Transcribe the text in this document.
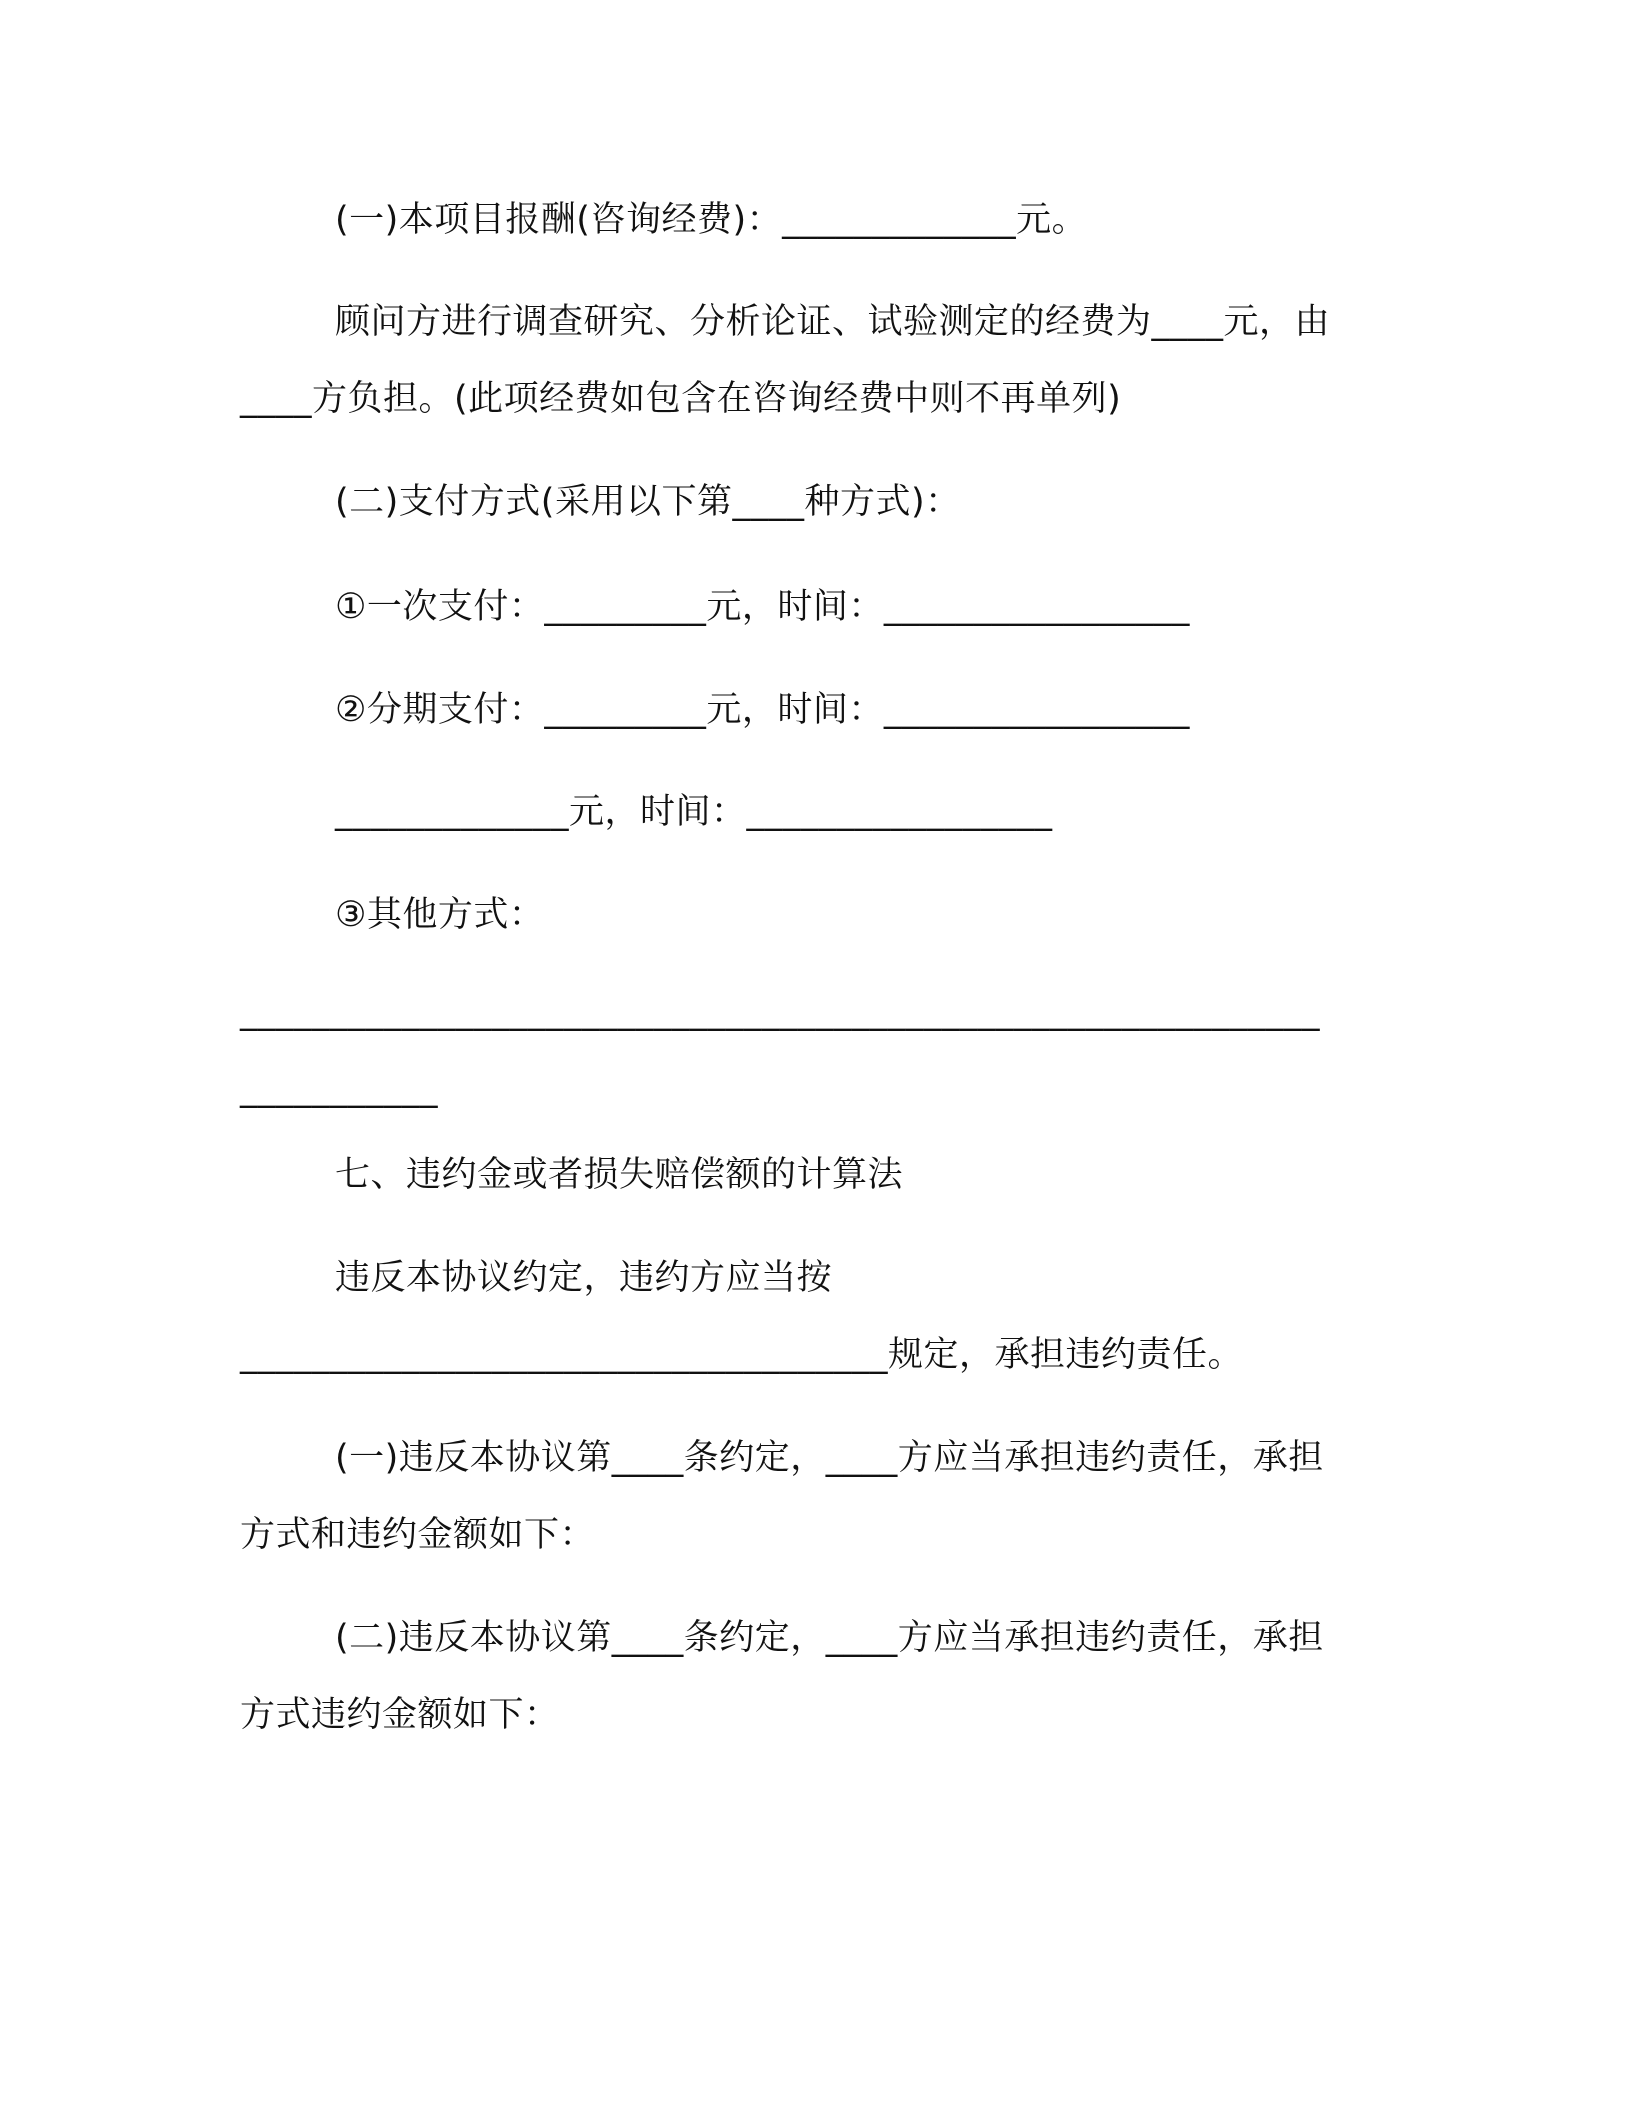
(一)本项目报酬(咨询经费)：_____________元。
顾问方进行调查研究、分析论证、试验测定的经费为____元，由
____方负担。(此项经费如包含在咨询经费中则不再单列)
(二)支付方式(采用以下第____种方式)：
①一次支付：_________元，时间：_________________
②分期支付：_________元，时间：_________________
_____________元，时间：_________________
③其他方式：
____________________________________________________________
___________
七、违约金或者损失赔偿额的计算法
违反本协议约定，违约方应当按
____________________________________规定，承担违约责任。
(一)违反本协议第____条约定，____方应当承担违约责任，承担
方式和违约金额如下：
(二)违反本协议第____条约定，____方应当承担违约责任，承担
方式违约金额如下：
